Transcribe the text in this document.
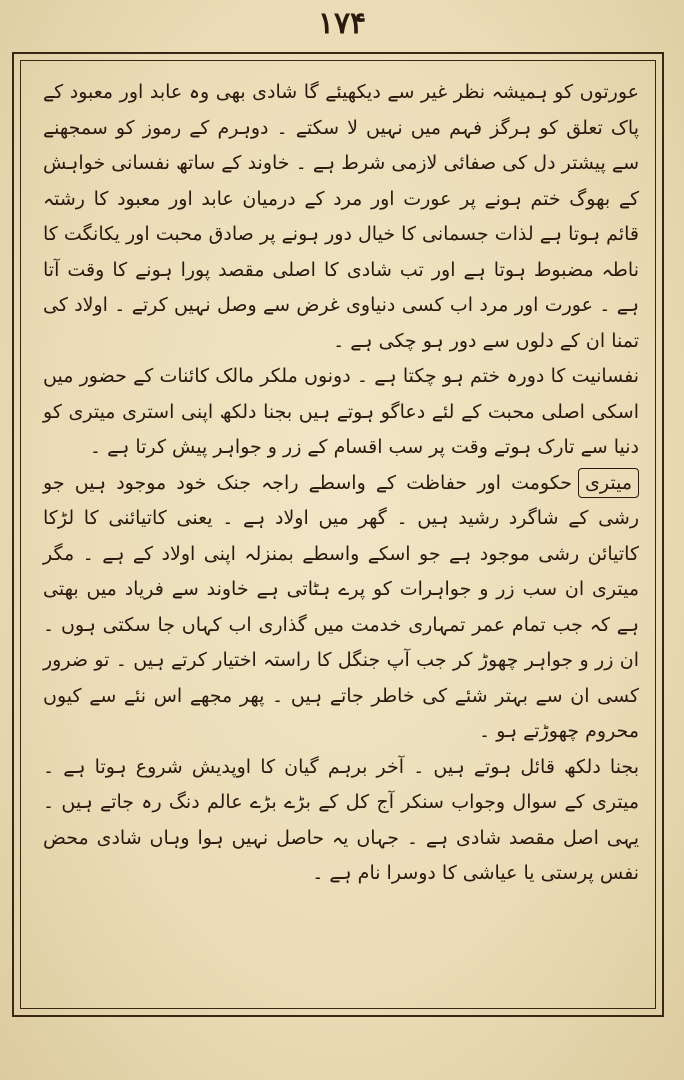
۱۷۴

عورتوں کو ہمیشہ نظر غیر سے دیکھیئے گا شادی بھی وہ عابد اور معبود کے پاک تعلق کو ہرگز فہم میں نہیں لا سکتے ۔ دوہرم کے رموز کو سمجھنے سے پیشتر دل کی صفائی لازمی شرط ہے ۔ خاوند کے ساتھ نفسانی خواہش کے بھوگ ختم ہونے پر عورت اور مرد کے درمیان عابد اور معبود کا رشتہ قائم ہوتا ہے لذات جسمانی کا خیال دور ہونے پر صادق محبت اور یکانگت کا ناطہ مضبوط ہوتا ہے اور تب شادی کا اصلی مقصد پورا ہونے کا وقت آتا ہے ۔ عورت اور مرد اب کسی دنیاوی غرض سے وصل نہیں کرتے ۔ اولاد کی تمنا ان کے دلوں سے دور ہو چکی ہے ۔

نفسانیت کا دورہ ختم ہو چکتا ہے ۔ دونوں ملکر مالک کائنات کے حضور میں اسکی اصلی محبت کے لئے دعاگو ہوتے ہیں بجنا دلکھ اپنی استری میتری کو دنیا سے تارک ہوتے وقت پر سب اقسام کے زر و جواہر پیش کرتا ہے ۔

میتریحکومت اور حفاظت کے واسطے راجہ جنک خود موجود ہیں جو رشی کے شاگرد رشید ہیں ۔ گھر میں اولاد ہے ۔ یعنی کاتیائنی کا لڑکا کاتیائن رشی موجود ہے جو اسکے واسطے بمنزلہ اپنی اولاد کے ہے ۔ مگر میتری ان سب زر و جواہرات کو پرے ہٹاتی ہے خاوند سے فریاد میں بھتی ہے کہ جب تمام عمر تمہاری خدمت میں گذاری اب کہاں جا سکتی ہوں ۔ ان زر و جواہر چھوڑ کر جب آپ جنگل کا راستہ اختیار کرتے ہیں ۔ تو ضرور کسی ان سے بہتر شئے کی خاطر جاتے ہیں ۔ پھر مجھے اس نئے سے کیوں محروم چھوڑتے ہو ۔

بجنا دلکھ قائل ہوتے ہیں ۔ آخر برہم گیان کا اوپدیش شروع ہوتا ہے ۔ میتری کے سوال وجواب سنکر آج کل کے بڑے بڑے عالم دنگ رہ جاتے ہیں ۔ یہی اصل مقصد شادی ہے ۔ جہاں یہ حاصل نہیں ہوا وہاں شادی محض نفس پرستی یا عیاشی کا دوسرا نام ہے ۔
